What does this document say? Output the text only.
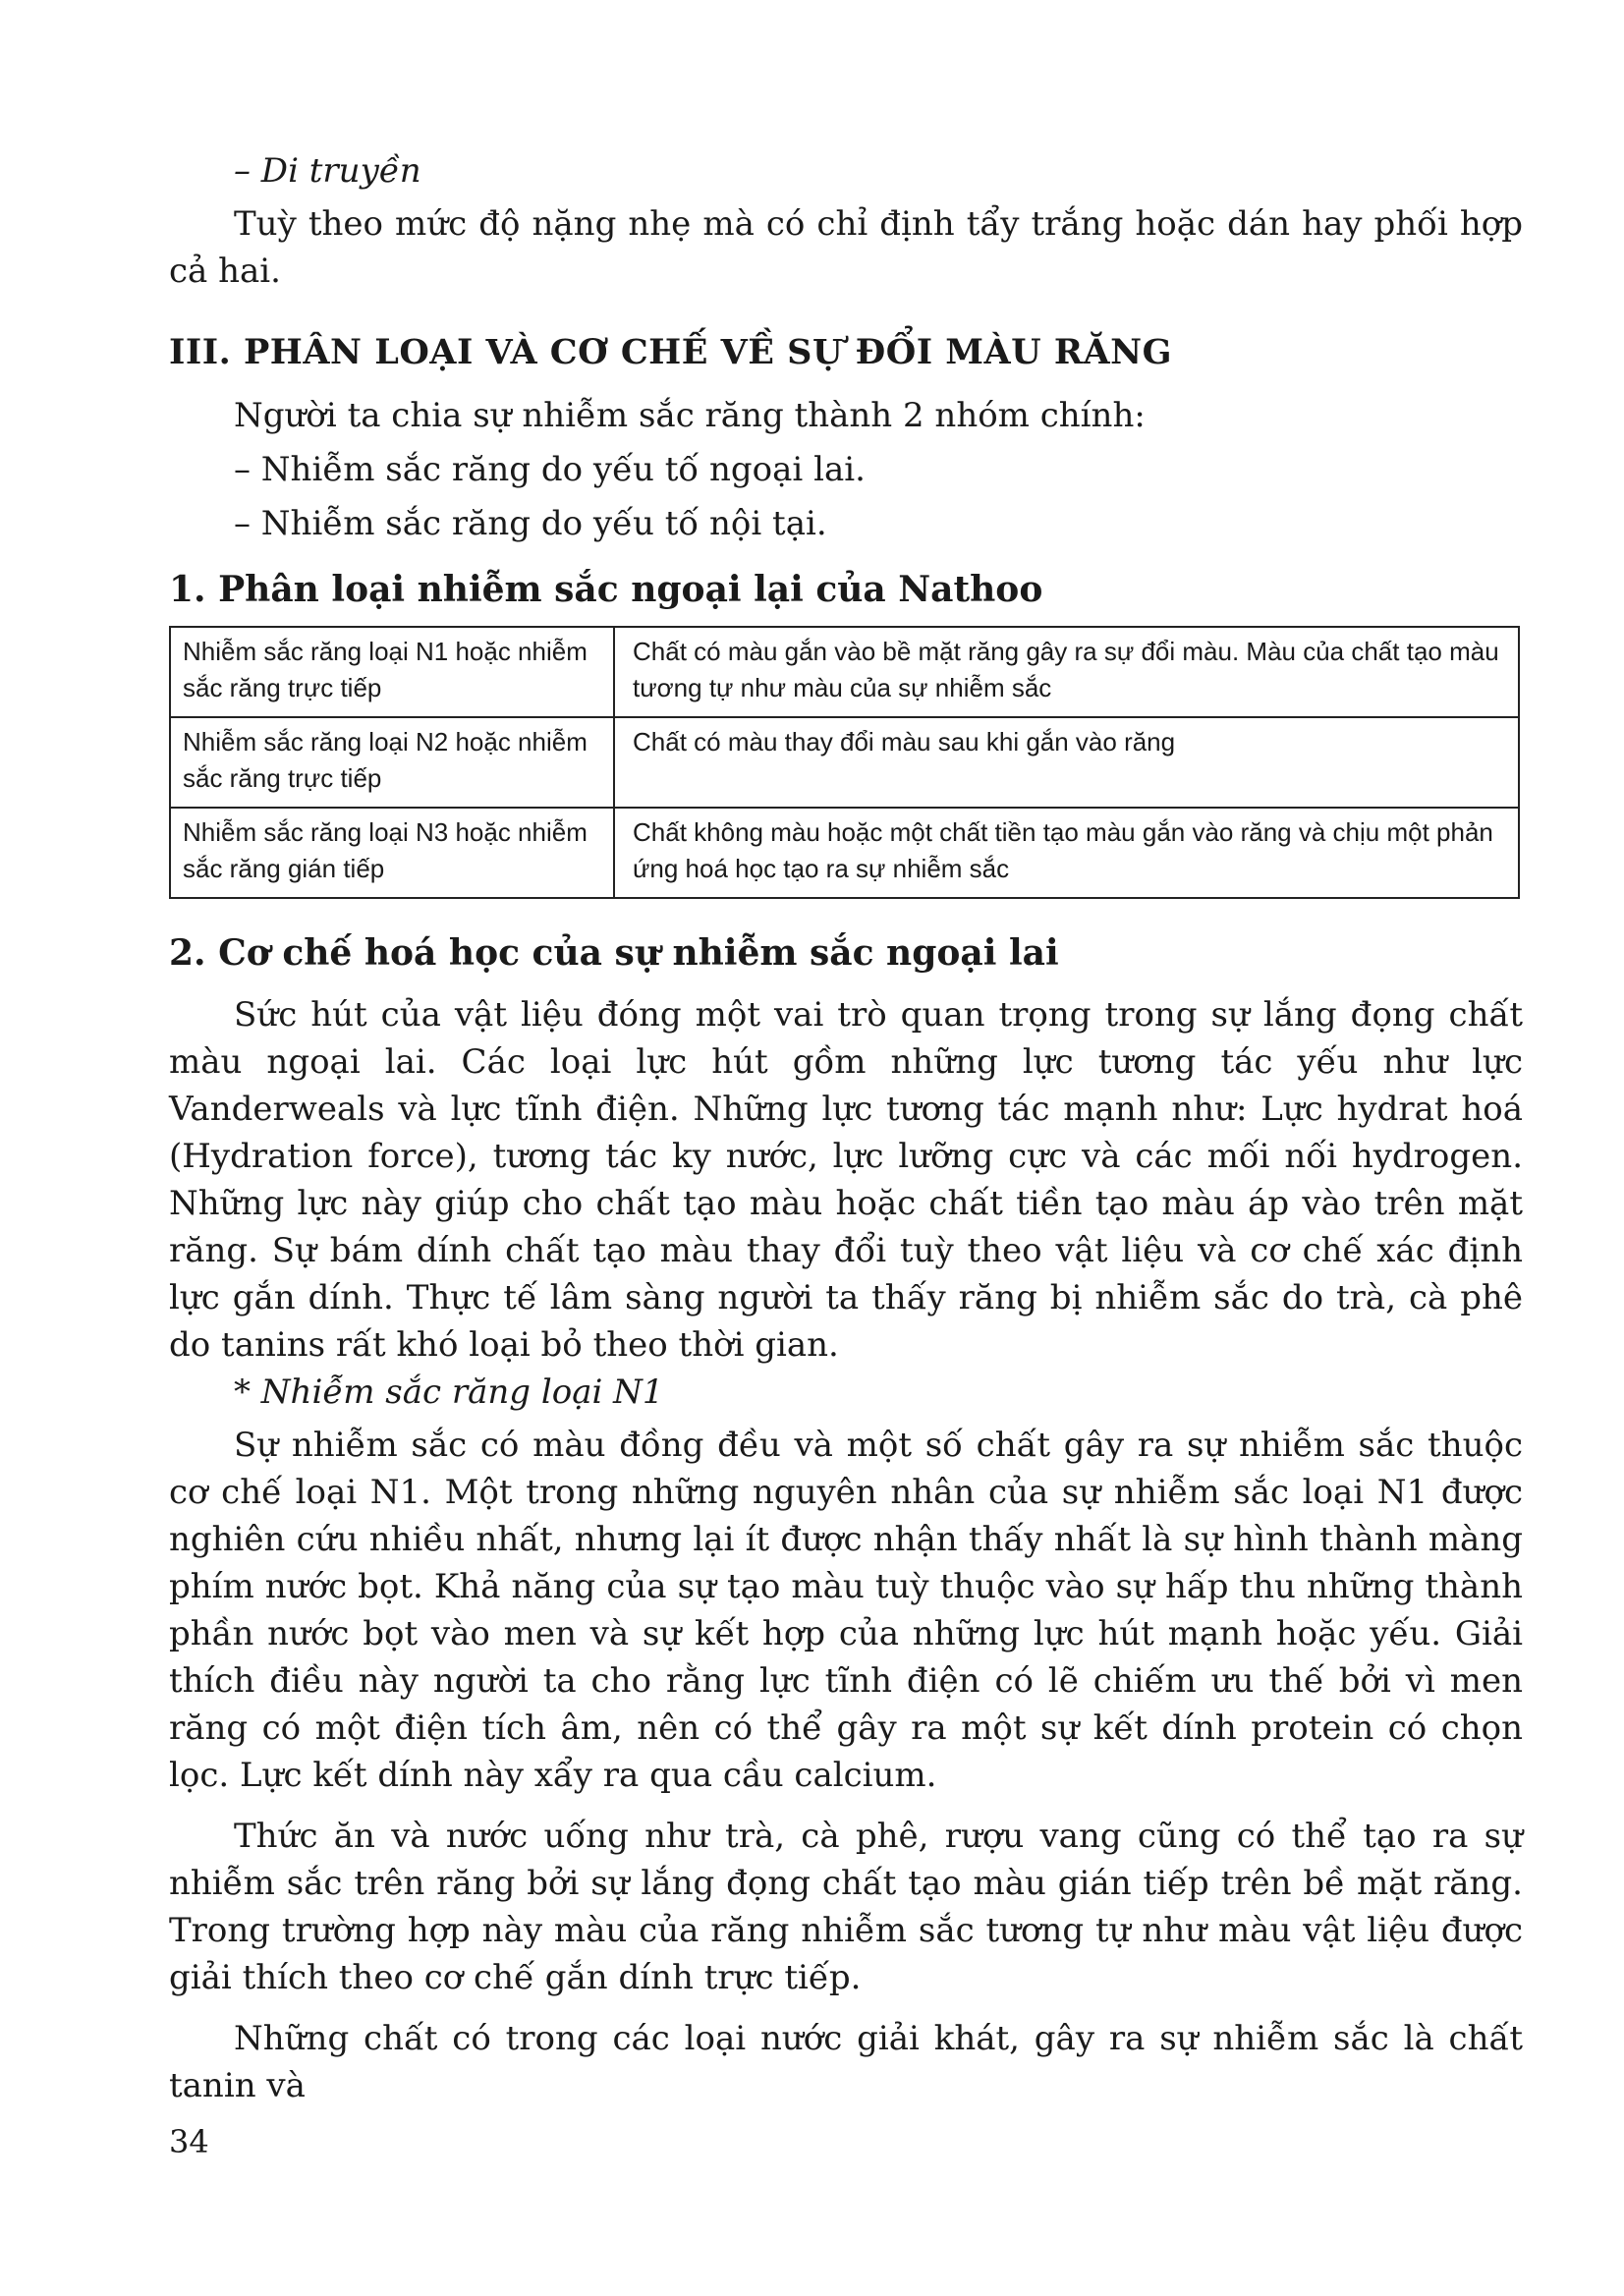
– Di truyền

Tuỳ theo mức độ nặng nhẹ mà có chỉ định tẩy trắng hoặc dán hay phối hợp cả hai.

III. PHÂN LOẠI VÀ CƠ CHẾ VỀ SỰ ĐỔI MÀU RĂNG

Người ta chia sự nhiễm sắc răng thành 2 nhóm chính:

– Nhiễm sắc răng do yếu tố ngoại lai.

– Nhiễm sắc răng do yếu tố nội tại.

1. Phân loại nhiễm sắc ngoại lại của Nathoo
Nhiễm sắc răng loại N1 hoặc nhiễm sắc răng trực tiếp	Chất có màu gắn vào bề mặt răng gây ra sự đổi màu. Màu của chất tạo màu tương tự như màu của sự nhiễm sắc
Nhiễm sắc răng loại N2 hoặc nhiễm sắc răng trực tiếp	Chất có màu thay đổi màu sau khi gắn vào răng
Nhiễm sắc răng loại N3 hoặc nhiễm sắc răng gián tiếp	Chất không màu hoặc một chất tiền tạo màu gắn vào răng và chịu một phản ứng hoá học tạo ra sự nhiễm sắc
2. Cơ chế hoá học của sự nhiễm sắc ngoại lai

Sức hút của vật liệu đóng một vai trò quan trọng trong sự lắng đọng chất màu ngoại lai. Các loại lực hút gồm những lực tương tác yếu như lực Vanderweals và lực tĩnh điện. Những lực tương tác mạnh như: Lực hydrat hoá (Hydration force), tương tác ky nước, lực lưỡng cực và các mối nối hydrogen. Những lực này giúp cho chất tạo màu hoặc chất tiền tạo màu áp vào trên mặt răng. Sự bám dính chất tạo màu thay đổi tuỳ theo vật liệu và cơ chế xác định lực gắn dính. Thực tế lâm sàng người ta thấy răng bị nhiễm sắc do trà, cà phê do tanins rất khó loại bỏ theo thời gian.

* Nhiễm sắc răng loại N1

Sự nhiễm sắc có màu đồng đều và một số chất gây ra sự nhiễm sắc thuộc cơ chế loại N1. Một trong những nguyên nhân của sự nhiễm sắc loại N1 được nghiên cứu nhiều nhất, nhưng lại ít được nhận thấy nhất là sự hình thành màng phím nước bọt. Khả năng của sự tạo màu tuỳ thuộc vào sự hấp thu những thành phần nước bọt vào men và sự kết hợp của những lực hút mạnh hoặc yếu. Giải thích điều này người ta cho rằng lực tĩnh điện có lẽ chiếm ưu thế bởi vì men răng có một điện tích âm, nên có thể gây ra một sự kết dính protein có chọn lọc. Lực kết dính này xẩy ra qua cầu calcium.

Thức ăn và nước uống như trà, cà phê, rượu vang cũng có thể tạo ra sự nhiễm sắc trên răng bởi sự lắng đọng chất tạo màu gián tiếp trên bề mặt răng. Trong trường hợp này màu của răng nhiễm sắc tương tự như màu vật liệu được giải thích theo cơ chế gắn dính trực tiếp.

Những chất có trong các loại nước giải khát, gây ra sự nhiễm sắc là chất tanin và

34
